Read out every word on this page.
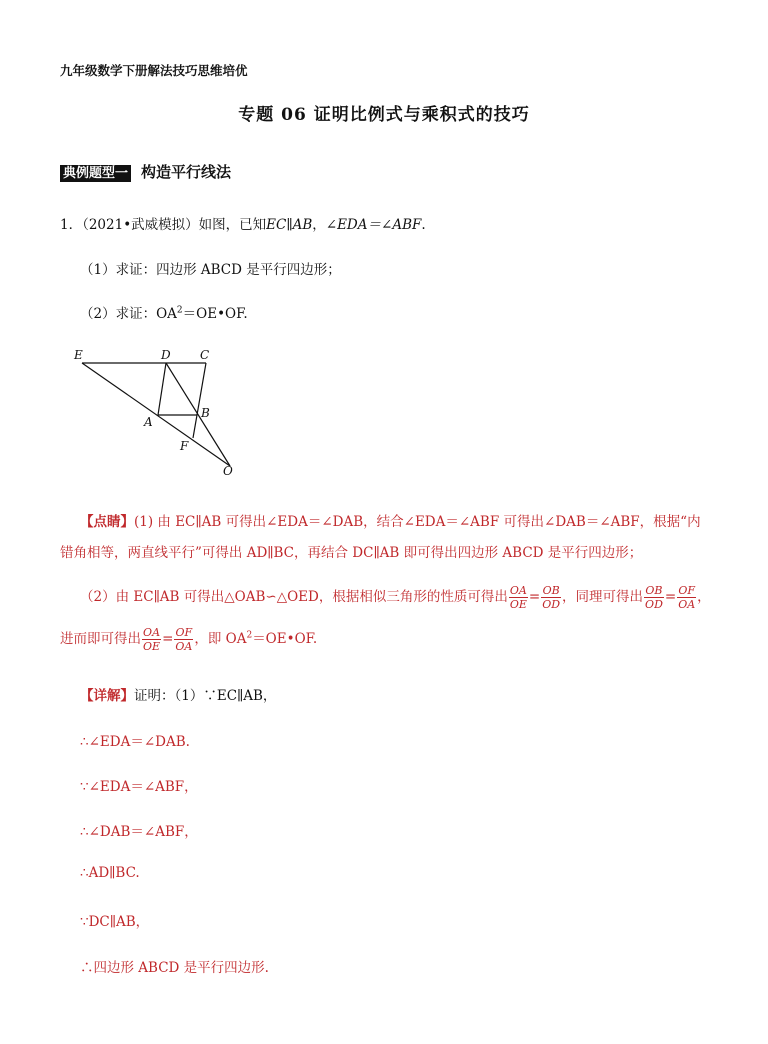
九年级数学下册解法技巧思维培优
专题 06 证明比例式与乘积式的技巧
典例题型一 构造平行线法
1．（2021•武威模拟）如图，已知EC∥AB，∠EDA＝∠ABF.
（1）求证：四边形 ABCD 是平行四边形；
（2）求证：$OA^2=OE•OF$.
E	D C
A
B
F
O
【点睛】(1) 由 EC∥AB 可得出∠EDA＝∠DAB，结合∠EDA＝∠ABF 可得出∠DAB＝∠ABF，根据“内
错角相等，两直线平行”可得出 AD∥BC，再结合 DC∥AB 即可得出四边形 ABCD 是平行四边形；
（2）由 EC∥AB 可得出△OAB∽△OED，根据相似三角形的性质可得出 $\frac{OA}{OE} = \frac{OB}{OD}$ ，同理可得出 $\frac{OB}{OD} = \frac{OF}{OA}$ ，
进而即可得出 $\frac{OA}{OE} = \frac{OF}{OA}$ ，即 $OA^2=OE•OF$.
【详解】证明：（1）∵EC∥AB，
∴∠EDA＝∠DAB.
∵∠EDA＝∠ABF，
∴∠DAB＝∠ABF，
∴AD∥BC.
∵DC∥AB，
∴四边形 ABCD 是平行四边形.
